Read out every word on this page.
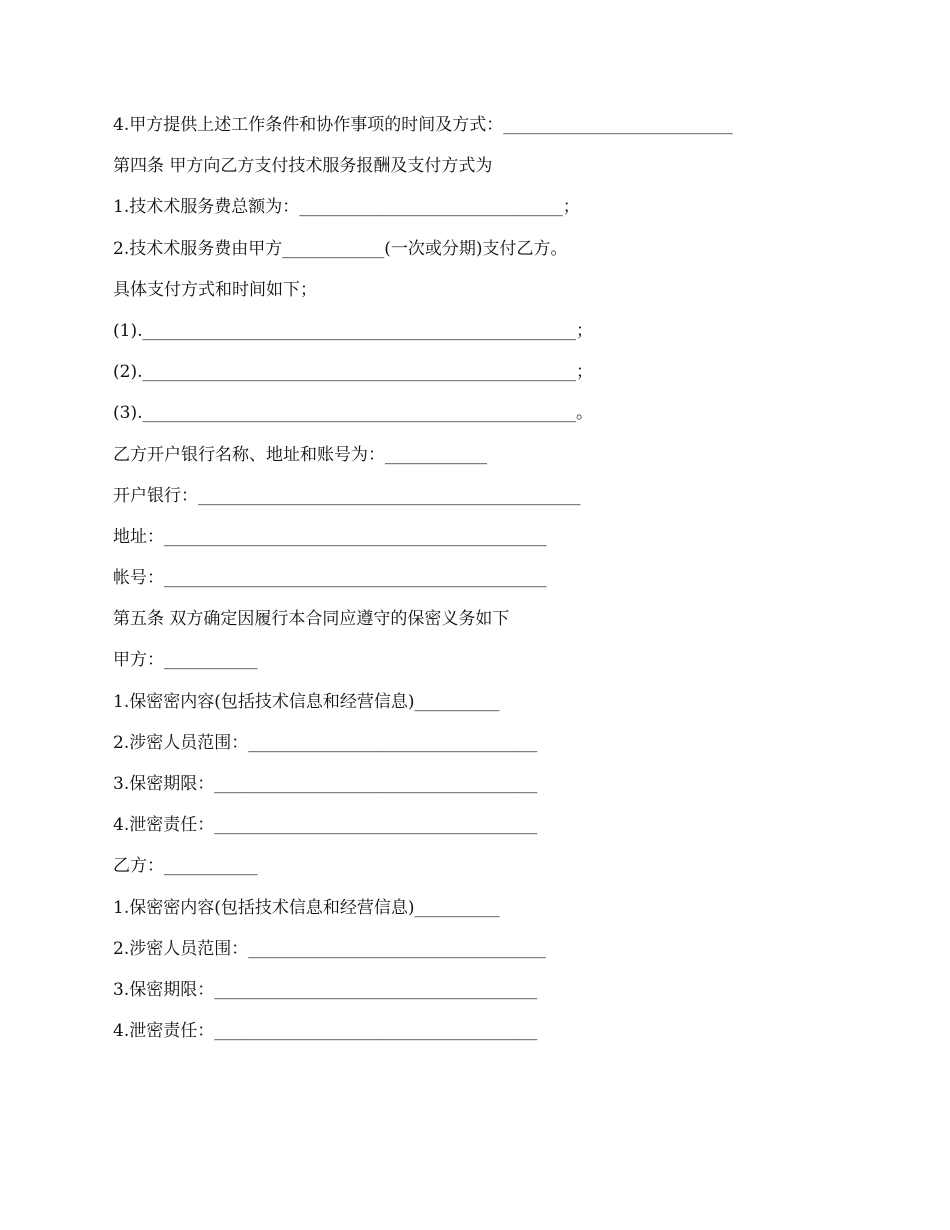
4.甲方提供上述工作条件和协作事项的时间及方式：___________________________
第四条 甲方向乙方支付技术服务报酬及支付方式为
1.技术术服务费总额为：_______________________________；
2.技术术服务费由甲方____________(一次或分期)支付乙方。
具体支付方式和时间如下；
(1).___________________________________________________；
(2).___________________________________________________；
(3).___________________________________________________。
乙方开户银行名称、地址和账号为：____________
开户银行：_____________________________________________
地址：_____________________________________________
帐号：_____________________________________________
第五条 双方确定因履行本合同应遵守的保密义务如下
甲方：___________
1.保密密内容(包括技术信息和经营信息)__________
2.涉密人员范围：__________________________________
3.保密期限：______________________________________
4.泄密责任：______________________________________
乙方：___________
1.保密密内容(包括技术信息和经营信息)__________
2.涉密人员范围：___________________________________
3.保密期限：______________________________________
4.泄密责任：______________________________________
